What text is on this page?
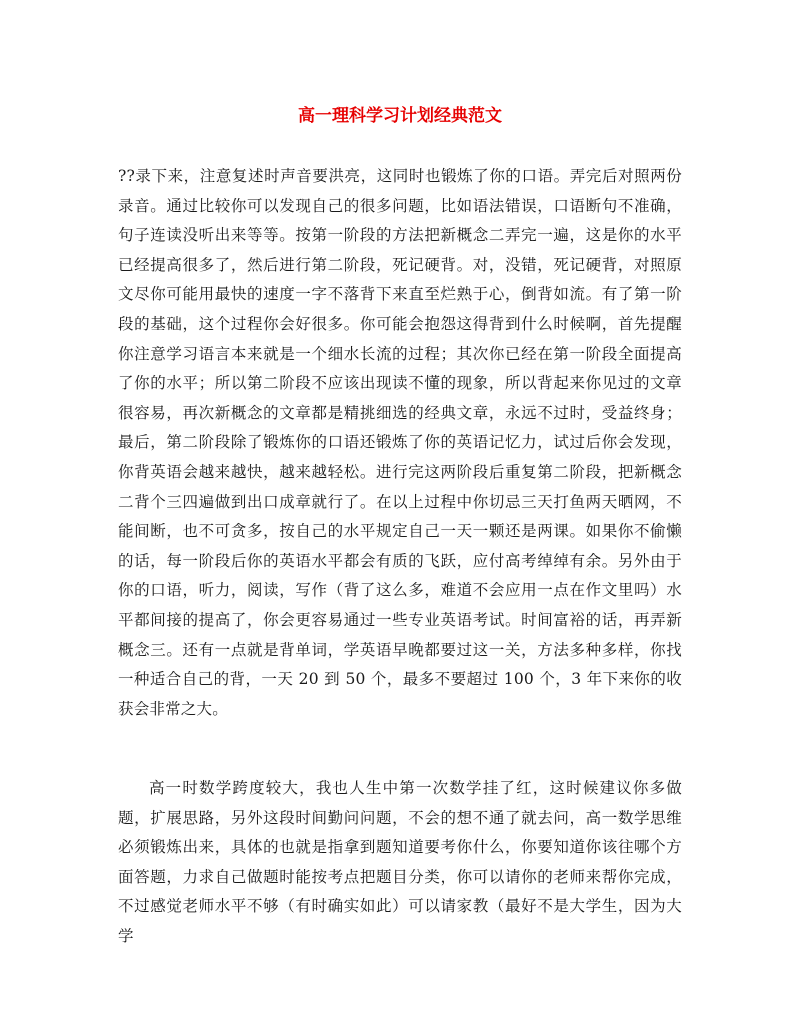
高一理科学习计划经典范文

??录下来，注意复述时声音要洪亮，这同时也锻炼了你的口语。弄完后对照两份录音。通过比较你可以发现自己的很多问题，比如语法错误，口语断句不准确，句子连读没听出来等等。按第一阶段的方法把新概念二弄完一遍，这是你的水平已经提高很多了，然后进行第二阶段，死记硬背。对，没错，死记硬背，对照原文尽你可能用最快的速度一字不落背下来直至烂熟于心，倒背如流。有了第一阶段的基础，这个过程你会好很多。你可能会抱怨这得背到什么时候啊，首先提醒你注意学习语言本来就是一个细水长流的过程；其次你已经在第一阶段全面提高了你的水平；所以第二阶段不应该出现读不懂的现象，所以背起来你见过的文章很容易，再次新概念的文章都是精挑细选的经典文章，永远不过时，受益终身；最后，第二阶段除了锻炼你的口语还锻炼了你的英语记忆力，试过后你会发现，你背英语会越来越快，越来越轻松。进行完这两阶段后重复第二阶段，把新概念二背个三四遍做到出口成章就行了。在以上过程中你切忌三天打鱼两天晒网，不能间断，也不可贪多，按自己的水平规定自己一天一颗还是两课。如果你不偷懒的话，每一阶段后你的英语水平都会有质的飞跃，应付高考绰绰有余。另外由于你的口语，听力，阅读，写作（背了这么多，难道不会应用一点在作文里吗）水平都间接的提高了，你会更容易通过一些专业英语考试。时间富裕的话，再弄新概念三。还有一点就是背单词，学英语早晚都要过这一关，方法多种多样，你找一种适合自己的背，一天 20 到 50 个，最多不要超过 100 个，3 年下来你的收获会非常之大。

高一时数学跨度较大，我也人生中第一次数学挂了红，这时候建议你多做题，扩展思路，另外这段时间勤问问题，不会的想不通了就去问，高一数学思维必须锻炼出来，具体的也就是指拿到题知道要考你什么，你要知道你该往哪个方面答题，力求自己做题时能按考点把题目分类，你可以请你的老师来帮你完成，不过感觉老师水平不够（有时确实如此）可以请家教（最好不是大学生，因为大学
